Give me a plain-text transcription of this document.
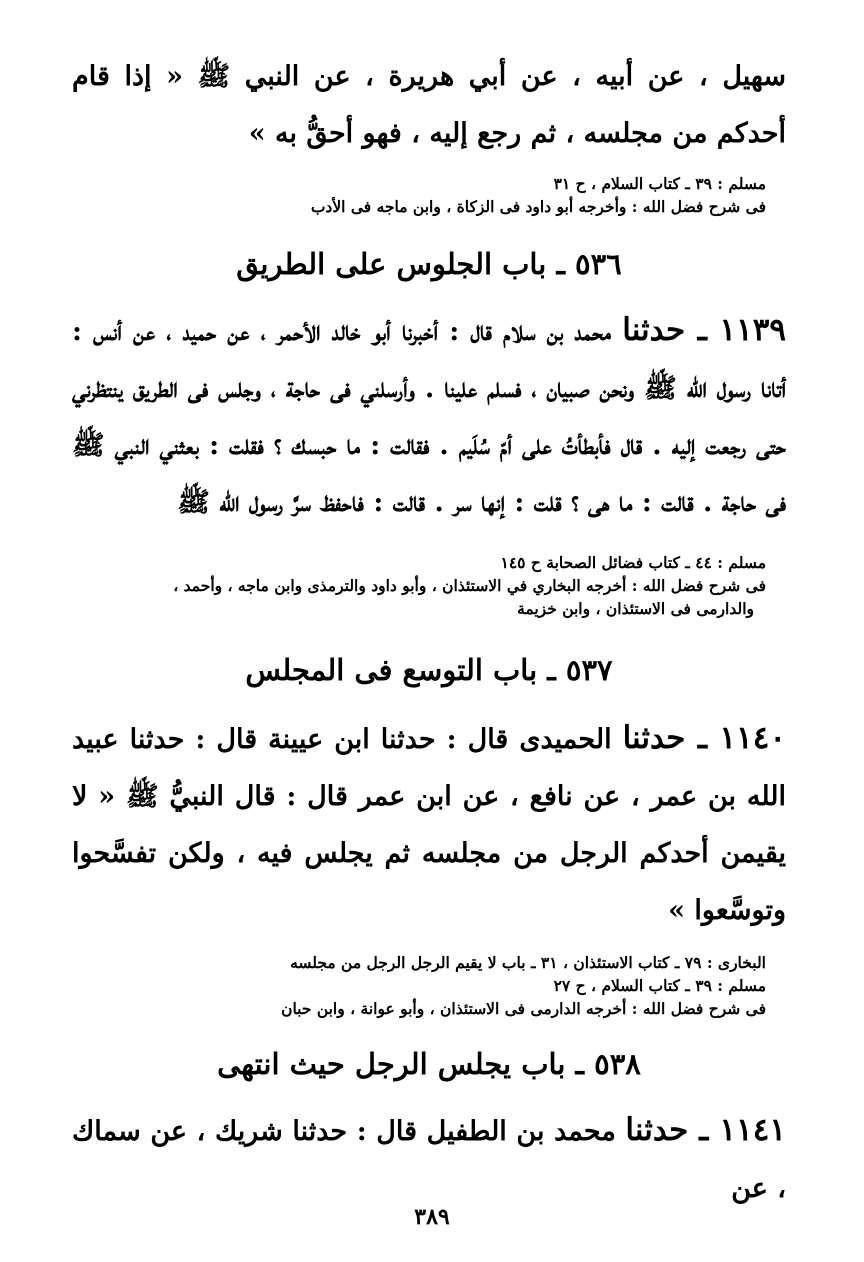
سهيل ، عن أبيه ، عن أبي هريرة ، عن النبي ﷺ « إذا قام أحدكم من مجلسه ، ثم رجع إليه ، فهو أحقُّ به »

مسلم : ٣٩ ـ كتاب السلام ، ح ٣١

فى شرح فضل الله : وأخرجه أبو داود فى الزكاة ، وابن ماجه فى الأدب

٥٣٦ ـ باب الجلوس على الطريق

١١٣٩ ـ حدثنا محمد بن سلام قال : أخبرنا أبو خالد الأحمر ، عن حميد ، عن أنس : أتانا رسول الله ﷺ ونحن صبيان ، فسلم علينا . وأرسلني فى حاجة ، وجلس فى الطريق ينتظرني حتى رجعت إليه . قال فأبطأتُ على أمّ سُلَيم . فقالت : ما حبسك ؟ فقلت : بعثني النبي ﷺ فى حاجة . قالت : ما هى ؟ قلت : إنها سر . قالت : فاحفظ سرَّ رسول الله ﷺ

مسلم : ٤٤ ـ كتاب فضائل الصحابة ح ١٤٥

فى شرح فضل الله : أخرجه البخاري في الاستئذان ، وأبو داود والترمذى وابن ماجه ، وأحمد ،

والدارمى فى الاستئذان ، وابن خزيمة

٥٣٧ ـ باب التوسع فى المجلس

١١٤٠ ـ حدثنا الحميدى قال : حدثنا ابن عيينة قال : حدثنا عبيد الله بن عمر ، عن نافع ، عن ابن عمر قال : قال النبيُّ ﷺ « لا يقيمن أحدكم الرجل من مجلسه ثم يجلس فيه ، ولكن تفسَّحوا وتوسَّعوا »

البخارى : ٧٩ ـ كتاب الاستئذان ، ٣١ ـ باب لا يقيم الرجل الرجل من مجلسه

مسلم : ٣٩ ـ كتاب السلام ، ح ٢٧

فى شرح فضل الله : أخرجه الدارمى فى الاستئذان ، وأبو عوانة ، وابن حبان

٥٣٨ ـ باب يجلس الرجل حيث انتهى

١١٤١ ـ حدثنا محمد بن الطفيل قال : حدثنا شريك ، عن سماك ، عن

٣٨٩
